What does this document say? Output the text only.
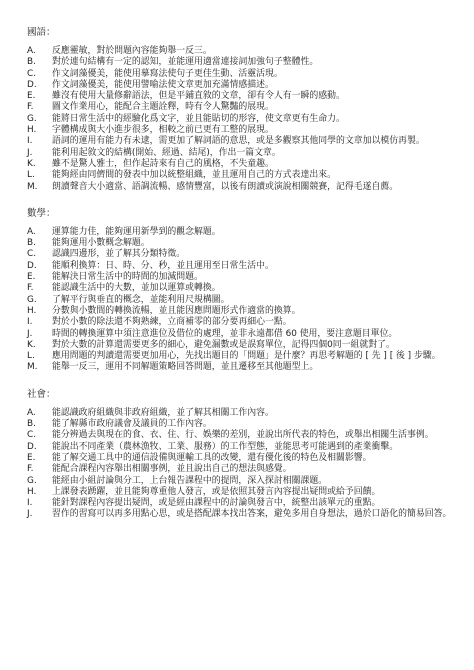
國語：
A.	反應靈敏，對於問題內容能夠舉一反三。
B.	對於連句結構有一定的認知，並能運用適當連接詞加強句子整體性。
C.	作文詞藻優美，能使用摹寫法使句子更佳生動、活靈活現。
D.	作文詞藻優美，能使用譬喻法使文章更加充滿情感描述。
E.	雖沒有使用大量修辭語法，但是平鋪直敘的文章，卻有令人有一瞬的感動。
F.	圖文作業用心，能配合主題詮釋，時有令人驚豔的展現。
G.	能將日常生活中的經驗化爲文字，並且能貼切的形容，使文章更有生命力。
H.	字體構成與大小進步很多，相較之前已更有工整的展現。
I.	語詞的運用有能力有未逮，需更加了解詞語的意思，或是多觀察其他同學的文章加以模仿再製。
J.	能利用起敘文的結構(開始、經過、結尾)，作出一篇文章。
K.	雖不是驚人雅士，但作起詩來有自己的風格，不失童趣。
L.	能夠經由同儕間的發表中加以統整組織，並且運用自己的方式表達出來。
M.	朗讀聲音大小適當、語調流暢、感情豐富，以後有朗讀或演說相關競賽，記得毛遂自薦。
數學：
A.	運算能力佳，能夠運用新學到的觀念解題。
B.	能夠運用小數概念解題。
C.	認識四邊形，並了解其分類特徵。
D.	能順利換算：日、時、分、秒，並且運用至日常生活中。
E.	能解決日常生活中的時間的加減問題。
F.	能認識生活中的大數，並加以運算或轉換。
G.	了解平行與垂直的概念，並能利用尺規構圖。
H.	分數與小數間的轉換流暢，並且能因應問題形式作適當的換算。
I.	對於小數的除法還不夠熟練，立商補零的部分要再細心一點。
J.	時間的轉換運算中須注意進位及借位的處理，並非永遠都借 60 使用，要注意題目單位。
K.	對於大數的計算還需要更多的細心，避免漏數或是誤寫單位，記得四個0同一組就對了。
L.	應用問題的判讀還需要更加用心，先找出題目的「問題」是什麼？再思考解題的 [ 先 ] [ 後 ] 步驟。
M.	能舉一反三，運用不同解題策略回答問題，並且遷移至其他題型上。
社會：
A.	能認識政府組織與非政府組織，並了解其相關工作內容。
B.	能了解縣市政府議會及議員的工作內容。
C.	能分辨過去與現在的食、衣、住、行、娛樂的差別，並說出所代表的特色，或舉出相關生活事例。
D.	能說出不同產業（農林漁牧、工業、服務）的工作型態，並能思考可能遇到的產業衝擊。
E.	能了解交通工具中的通信設備與運輸工具的改變，還有優化後的特色及相關影響。
F.	能配合課程內容舉出相關事例，並且說出自己的想法與感覺。
G.	能經由小組討論與分工，上台報告課程中的提問，深入探討相關課題。
H.	上課發表踴躍，並且能夠尊重他人發言，或是依照其發言內容提出疑問或給予回饋。
I.	能針對課程內容提出疑問，或是經由課程中的討論與發言中，統整出該單元的重點。
J.	習作的習寫可以再多用點心思，或是搭配課本找出答案，避免多用自身想法，過於口語化的簡易回答。
